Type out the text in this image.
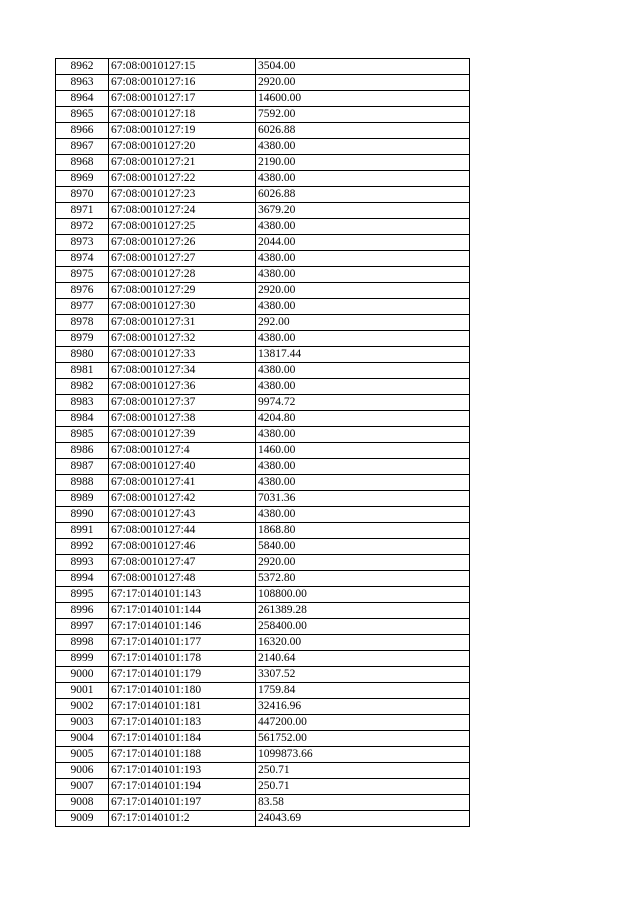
8962	67:08:0010127:15	3504.00
8963	67:08:0010127:16	2920.00
8964	67:08:0010127:17	14600.00
8965	67:08:0010127:18	7592.00
8966	67:08:0010127:19	6026.88
8967	67:08:0010127:20	4380.00
8968	67:08:0010127:21	2190.00
8969	67:08:0010127:22	4380.00
8970	67:08:0010127:23	6026.88
8971	67:08:0010127:24	3679.20
8972	67:08:0010127:25	4380.00
8973	67:08:0010127:26	2044.00
8974	67:08:0010127:27	4380.00
8975	67:08:0010127:28	4380.00
8976	67:08:0010127:29	2920.00
8977	67:08:0010127:30	4380.00
8978	67:08:0010127:31	292.00
8979	67:08:0010127:32	4380.00
8980	67:08:0010127:33	13817.44
8981	67:08:0010127:34	4380.00
8982	67:08:0010127:36	4380.00
8983	67:08:0010127:37	9974.72
8984	67:08:0010127:38	4204.80
8985	67:08:0010127:39	4380.00
8986	67:08:0010127:4	1460.00
8987	67:08:0010127:40	4380.00
8988	67:08:0010127:41	4380.00
8989	67:08:0010127:42	7031.36
8990	67:08:0010127:43	4380.00
8991	67:08:0010127:44	1868.80
8992	67:08:0010127:46	5840.00
8993	67:08:0010127:47	2920.00
8994	67:08:0010127:48	5372.80
8995	67:17:0140101:143	108800.00
8996	67:17:0140101:144	261389.28
8997	67:17:0140101:146	258400.00
8998	67:17:0140101:177	16320.00
8999	67:17:0140101:178	2140.64
9000	67:17:0140101:179	3307.52
9001	67:17:0140101:180	1759.84
9002	67:17:0140101:181	32416.96
9003	67:17:0140101:183	447200.00
9004	67:17:0140101:184	561752.00
9005	67:17:0140101:188	1099873.66
9006	67:17:0140101:193	250.71
9007	67:17:0140101:194	250.71
9008	67:17:0140101:197	83.58
9009	67:17:0140101:2	24043.69
